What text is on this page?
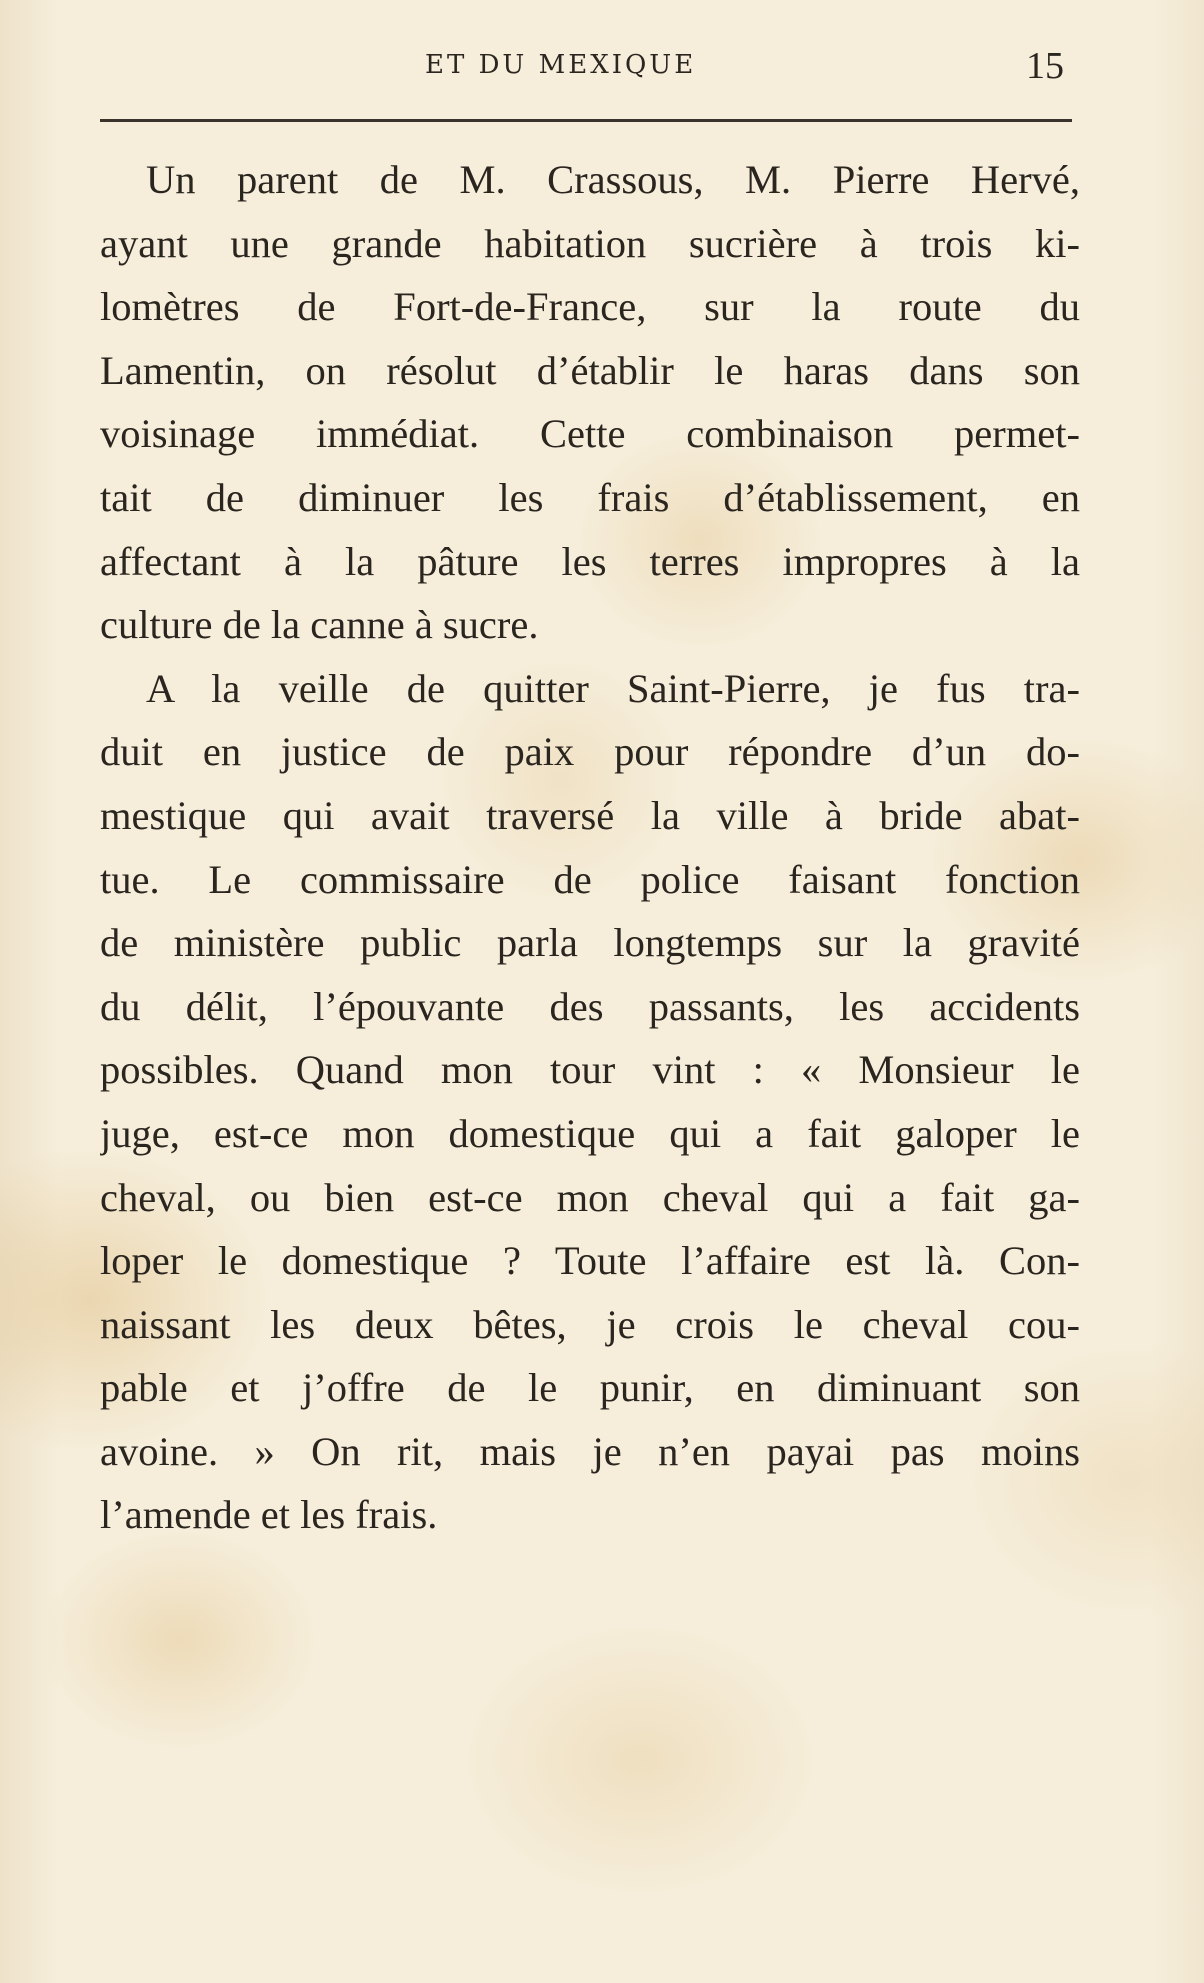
ET DU MEXIQUE	15
Un parent de M. Crassous, M. Pierre Hervé,
ayant une grande habitation sucrière à trois ki-
lomètres de Fort-de-France, sur la route du
Lamentin, on résolut d’établir le haras dans son
voisinage immédiat. Cette combinaison permet-
tait de diminuer les frais d’établissement, en
affectant à la pâture les terres impropres à la
culture de la canne à sucre.
A la veille de quitter Saint-Pierre, je fus tra-
duit en justice de paix pour répondre d’un do-
mestique qui avait traversé la ville à bride abat-
tue. Le commissaire de police faisant fonction
de ministère public parla longtemps sur la gravité
du délit, l’épouvante des passants, les accidents
possibles. Quand mon tour vint : « Monsieur le
juge, est-ce mon domestique qui a fait galoper le
cheval, ou bien est-ce mon cheval qui a fait ga-
loper le domestique ? Toute l’affaire est là. Con-
naissant les deux bêtes, je crois le cheval cou-
pable et j’offre de le punir, en diminuant son
avoine. » On rit, mais je n’en payai pas moins
l’amende et les frais.
